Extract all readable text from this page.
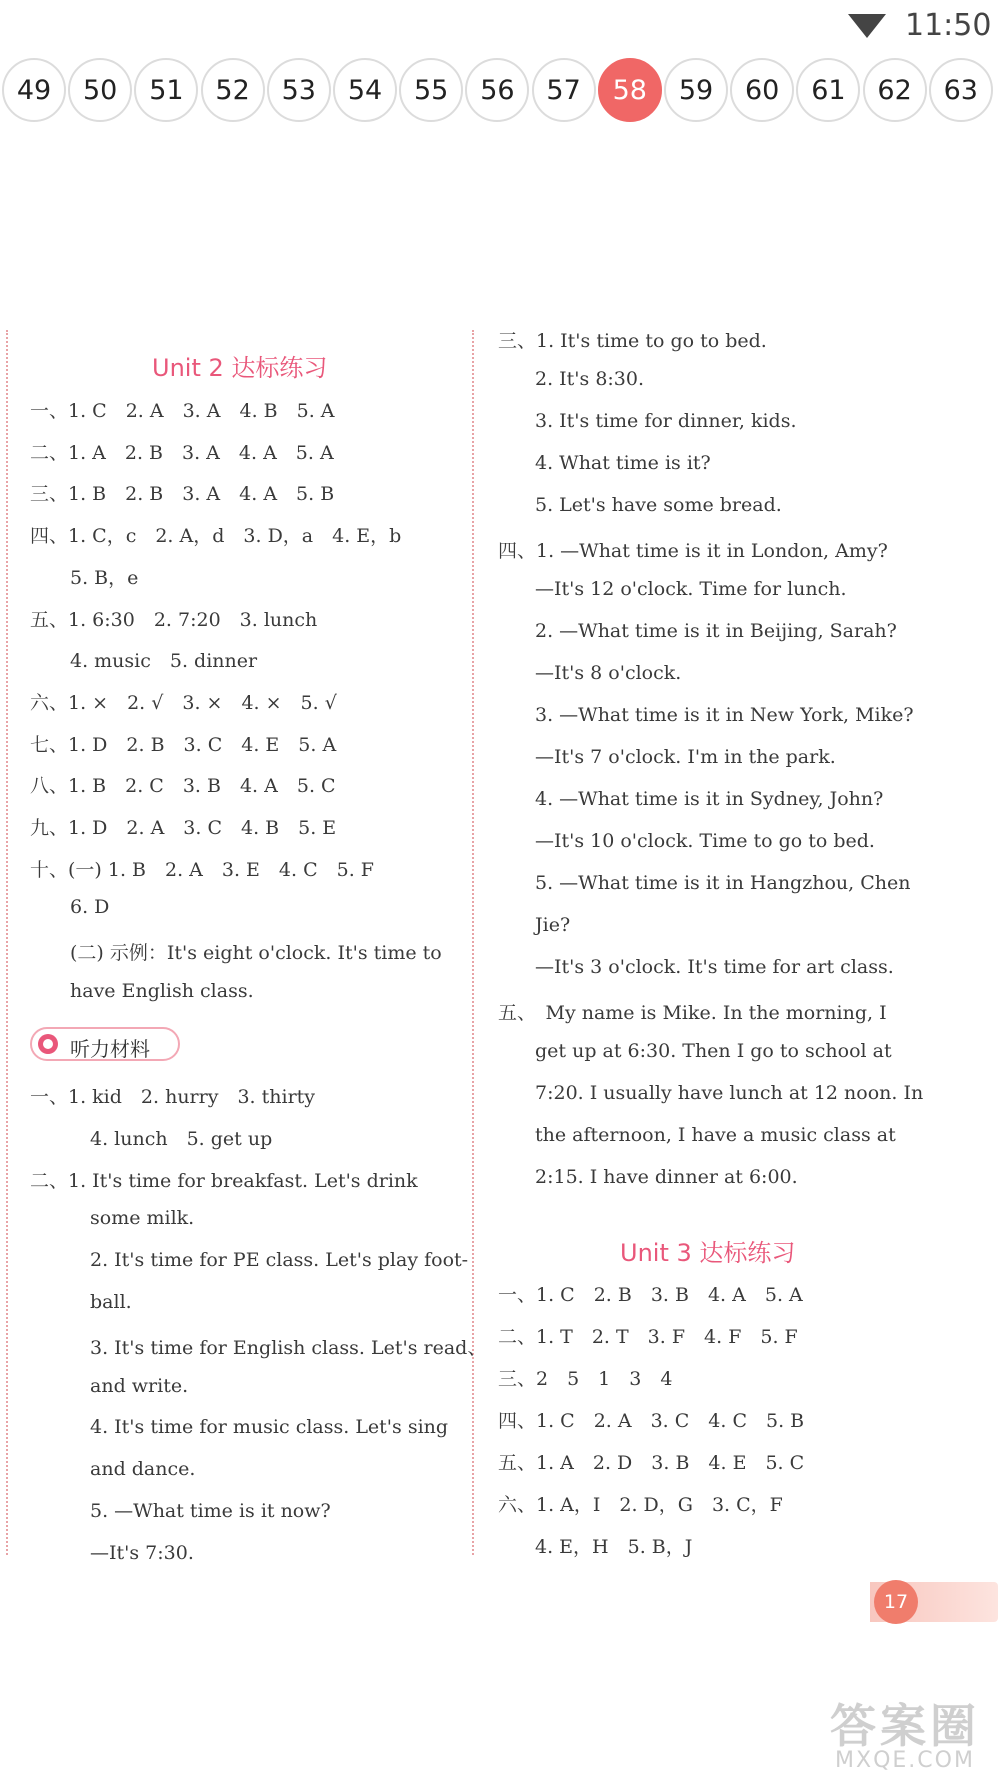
11:50
49	50	51	52	53	54	55	56	57	58	59	60	61	62	63
Unit 2 达标练习
一、1. C　2. A　3. A　4. B　5. A
二、1. A　2. B　3. A　4. A　5. A
三、1. B　2. B　3. A　4. A　5. B
四、1. C，c　2. A，d　3. D，a　4. E，b
5. B，e
五、1. 6:30　2. 7:20　3. lunch
4. music　5. dinner
六、1. ×　2. √　3. ×　4. ×　5. √
七、1. D　2. B　3. C　4. E　5. A
八、1. B　2. C　3. B　4. A　5. C
九、1. D　2. A　3. C　4. B　5. E
十、(一) 1. B　2. A　3. E　4. C　5. F
6. D
(二) 示例：It's eight o'clock. It's time to
have English class.
听力材料
一、1. kid　2. hurry　3. thirty
4. lunch　5. get up
二、1. It's time for breakfast. Let's drink
some milk.
2. It's time for PE class. Let's play foot-
ball.
3. It's time for English class. Let's read、
and write.
4. It's time for music class. Let's sing
and dance.
5. —What time is it now?
—It's 7:30.
三、1. It's time to go to bed.
2. It's 8:30.
3. It's time for dinner, kids.
4. What time is it?
5. Let's have some bread.
四、1. —What time is it in London, Amy?
—It's 12 o'clock. Time for lunch.
2. —What time is it in Beijing, Sarah?
—It's 8 o'clock.
3. —What time is it in New York, Mike?
—It's 7 o'clock. I'm in the park.
4. —What time is it in Sydney, John?
—It's 10 o'clock. Time to go to bed.
5. —What time is it in Hangzhou, Chen
Jie?
—It's 3 o'clock. It's time for art class.
五、　My name is Mike. In the morning, I
get up at 6:30. Then I go to school at
7:20. I usually have lunch at 12 noon. In
the afternoon, I have a music class at
2:15. I have dinner at 6:00.
Unit 3 达标练习
一、1. C　2. B　3. B　4. A　5. A
二、1. T　2. T　3. F　4. F　5. F
三、2　5　1　3　4
四、1. C　2. A　3. C　4. C　5. B
五、1. A　2. D　3. B　4. E　5. C
六、1. A，I　2. D，G　3. C，F
4. E，H　5. B，J
17
答案圈
MXQE.COM
